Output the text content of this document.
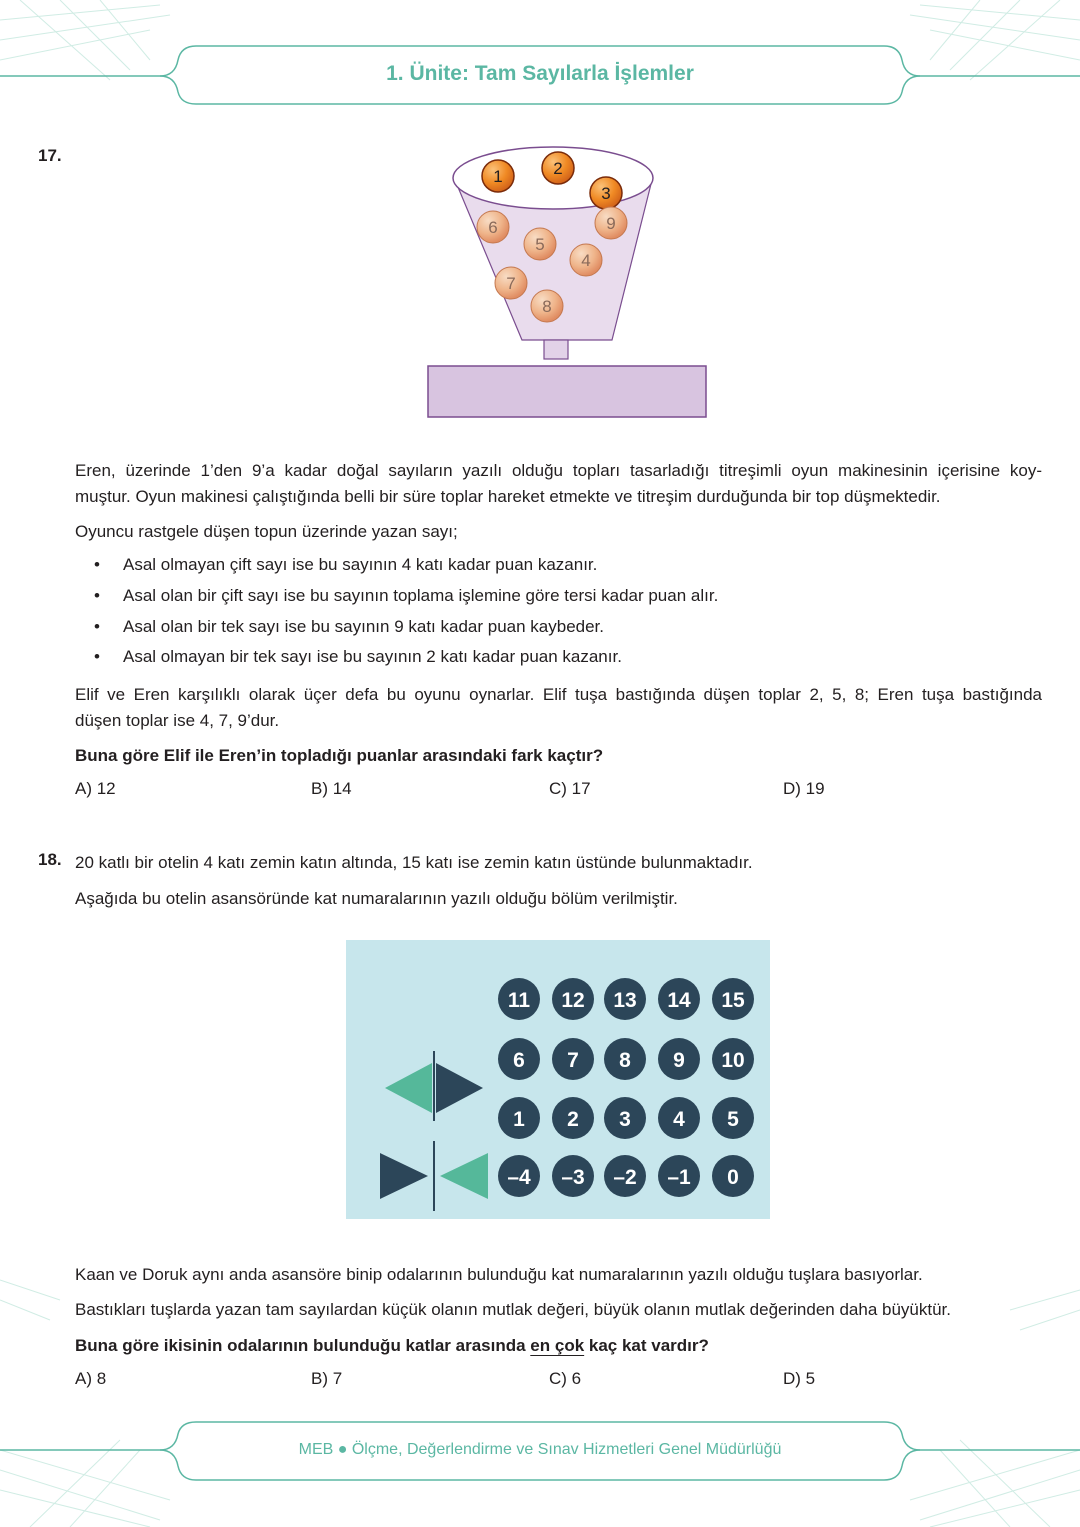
1. Ünite: Tam Sayılarla İşlemler
17.
1	2
3
6	9
5
4
7
8
Eren, üzerinde 1’den 9’a kadar doğal sayıların yazılı olduğu topları tasarladığı titreşimli oyun makinesinin içerisine koy-
muştur. Oyun makinesi çalıştığında belli bir süre toplar hareket etmekte ve titreşim durduğunda bir top düşmektedir.
Oyuncu rastgele düşen topun üzerinde yazan sayı;
• Asal olmayan çift sayı ise bu sayının 4 katı kadar puan kazanır.
• Asal olan bir çift sayı ise bu sayının toplama işlemine göre tersi kadar puan alır.
• Asal olan bir tek sayı ise bu sayının 9 katı kadar puan kaybeder.
• Asal olmayan bir tek sayı ise bu sayının 2 katı kadar puan kazanır.
Elif ve Eren karşılıklı olarak üçer defa bu oyunu oynarlar. Elif tuşa bastığında düşen toplar 2, 5, 8; Eren tuşa bastığında
düşen toplar ise 4, 7, 9’dur.
Buna göre Elif ile Eren’in topladığı puanlar arasındaki fark kaçtır?
A) 12	B) 14	C) 17	D) 19
18. 20 katlı bir otelin 4 katı zemin katın altında, 15 katı ise zemin katın üstünde bulunmaktadır.
Aşağıda bu otelin asansöründe kat numaralarının yazılı olduğu bölüm verilmiştir.
11 12 13 14 15
6 7 8 9 10
1 2 3 4 5
–4 –3 –2 –1 0
Kaan ve Doruk aynı anda asansöre binip odalarının bulunduğu kat numaralarının yazılı olduğu tuşlara basıyorlar.
Bastıkları tuşlarda yazan tam sayılardan küçük olanın mutlak değeri, büyük olanın mutlak değerinden daha büyüktür.
Buna göre ikisinin odalarının bulunduğu katlar arasında en çok kaç kat vardır?
A) 8	B) 7	C) 6	D) 5
MEB ● Ölçme, Değerlendirme ve Sınav Hizmetleri Genel Müdürlüğü
